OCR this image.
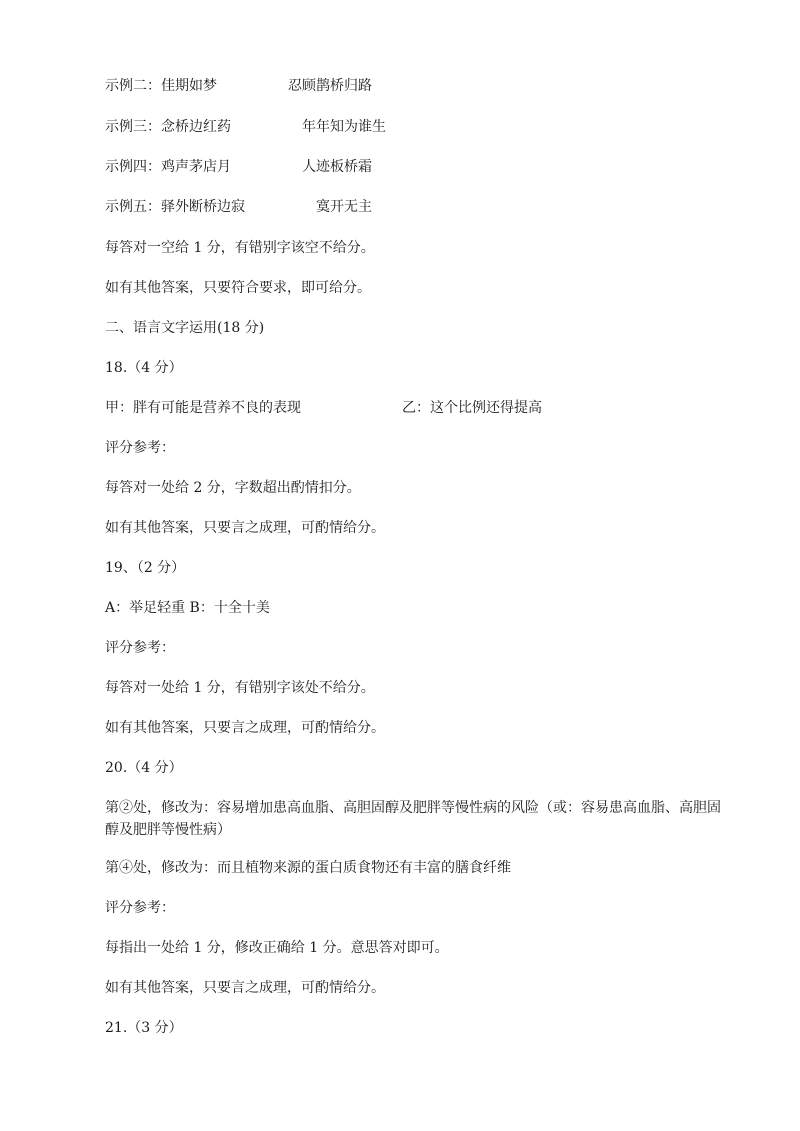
示例二：佳期如梦	忍顾鹊桥归路
示例三：念桥边红药	年年知为谁生
示例四：鸡声茅店月	人迹板桥霜
示例五：驿外断桥边寂	寞开无主
每答对一空给 1 分，有错别字该空不给分。
如有其他答案，只要符合要求，即可给分。
二、语言文字运用(18 分)
18.（4 分）
甲：胖有可能是营养不良的表现	乙：这个比例还得提高
评分参考：
每答对一处给 2 分，字数超出酌情扣分。
如有其他答案，只要言之成理，可酌情给分。
19、（2 分）
A：举足轻重 B：十全十美
评分参考：
每答对一处给 1 分，有错别字该处不给分。
如有其他答案，只要言之成理，可酌情给分。
20.（4 分）
第②处，修改为：容易增加患高血脂、高胆固醇及肥胖等慢性病的风险（或：容易患高血脂、高胆固醇及肥胖等慢性病）
第④处，修改为：而且植物来源的蛋白质食物还有丰富的膳食纤维
评分参考：
每指出一处给 1 分，修改正确给 1 分。意思答对即可。
如有其他答案，只要言之成理，可酌情给分。
21.（3 分）
